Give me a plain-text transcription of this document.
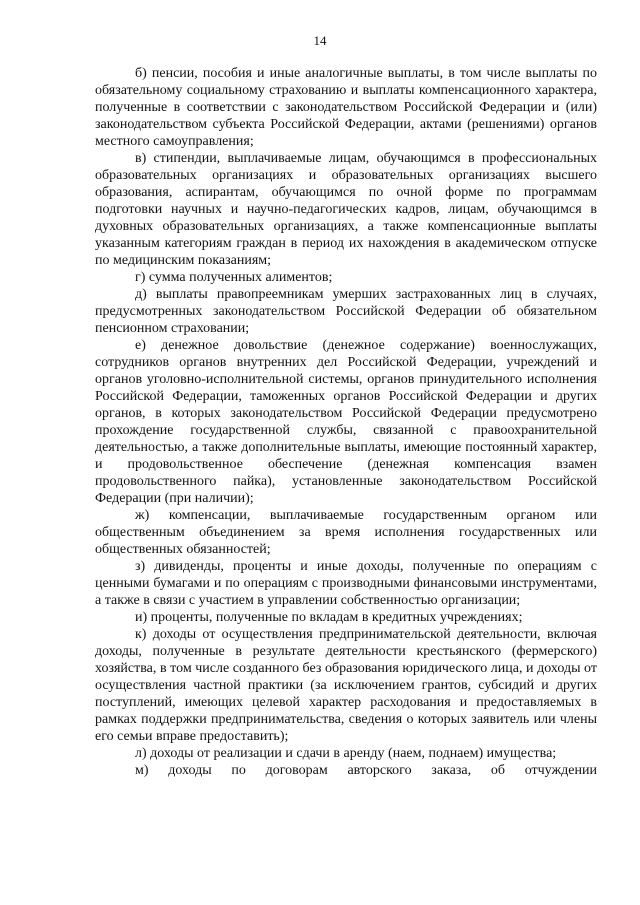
14

б) пенсии, пособия и иные аналогичные выплаты, в том числе выплаты по обязательному социальному страхованию и выплаты компенсационного характера, полученные в соответствии с законодательством Российской Федерации и (или) законодательством субъекта Российской Федерации, актами (решениями) органов местного самоуправления;

в) стипендии, выплачиваемые лицам, обучающимся в профессиональных образовательных организациях и образовательных организациях высшего образования, аспирантам, обучающимся по очной форме по программам подготовки научных и научно-педагогических кадров, лицам, обучающимся в духовных образовательных организациях, а также компенсационные выплаты указанным категориям граждан в период их нахождения в академическом отпуске по медицинским показаниям;

г) сумма полученных алиментов;

д) выплаты правопреемникам умерших застрахованных лиц в случаях, предусмотренных законодательством Российской Федерации об обязательном пенсионном страховании;

е) денежное довольствие (денежное содержание) военнослужащих, сотрудников органов внутренних дел Российской Федерации, учреждений и органов уголовно-исполнительной системы, органов принудительного исполнения Российской Федерации, таможенных органов Российской Федерации и других органов, в которых законодательством Российской Федерации предусмотрено прохождение государственной службы, связанной с правоохранительной деятельностью, а также дополнительные выплаты, имеющие постоянный характер, и продовольственное обеспечение (денежная компенсация взамен продовольственного пайка), установленные законодательством Российской Федерации (при наличии);

ж) компенсации, выплачиваемые государственным органом или общественным объединением за время исполнения государственных или общественных обязанностей;

з) дивиденды, проценты и иные доходы, полученные по операциям с ценными бумагами и по операциям с производными финансовыми инструментами, а также в связи с участием в управлении собственностью организации;

и) проценты, полученные по вкладам в кредитных учреждениях;

к) доходы от осуществления предпринимательской деятельности, включая доходы, полученные в результате деятельности крестьянского (фермерского) хозяйства, в том числе созданного без образования юридического лица, и доходы от осуществления частной практики (за исключением грантов, субсидий и других поступлений, имеющих целевой характер расходования и предоставляемых в рамках поддержки предпринимательства, сведения о которых заявитель или члены его семьи вправе предоставить);

л) доходы от реализации и сдачи в аренду (наем, поднаем) имущества;

м) доходы по договорам авторского заказа, об отчуждении
